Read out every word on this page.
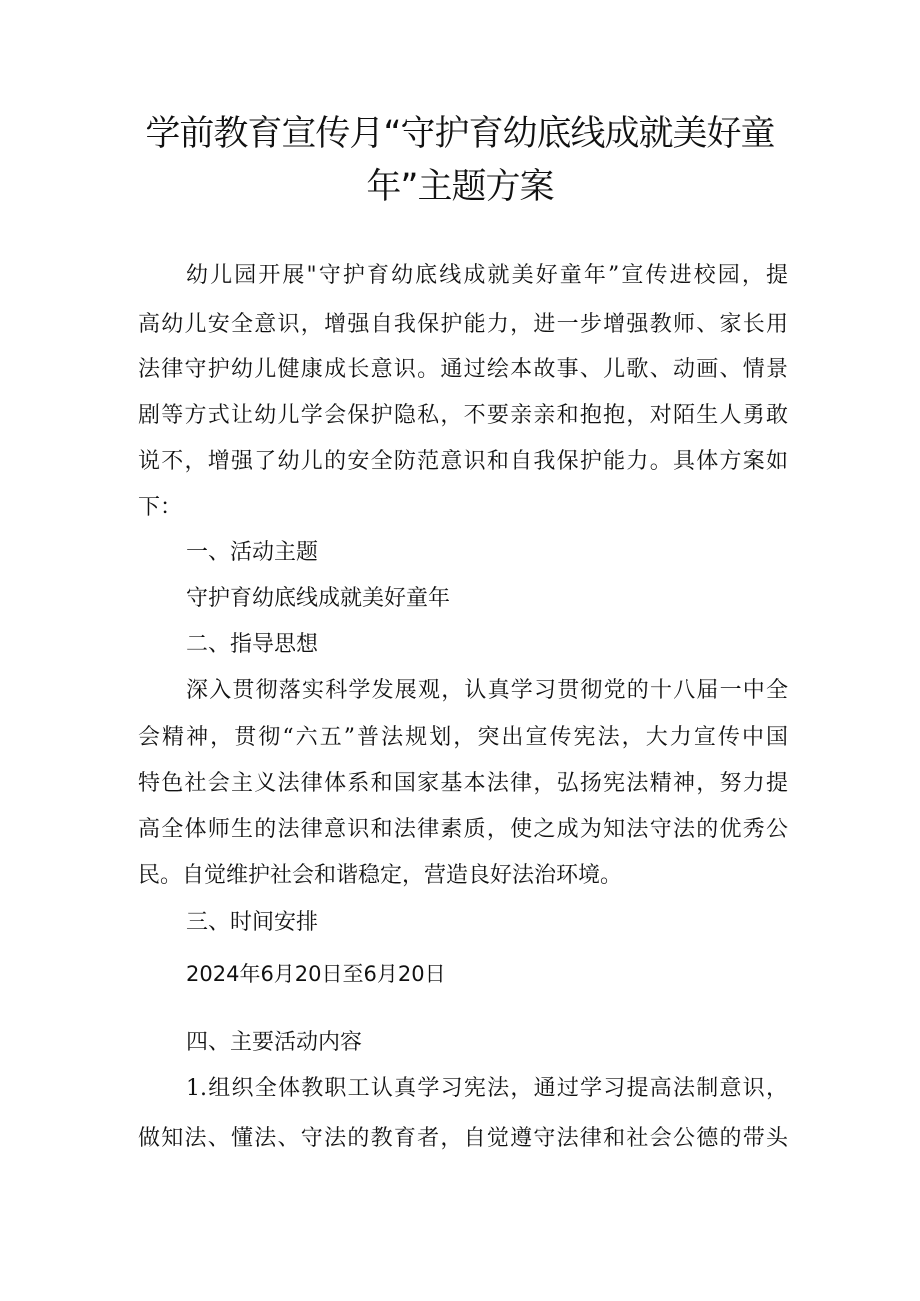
学前教育宣传月“守护育幼底线成就美好童
年”主题方案
幼儿园开展"守护育幼底线成就美好童年”宣传进校园，提
高幼儿安全意识，增强自我保护能力，进一步增强教师、家长用
法律守护幼儿健康成长意识。通过绘本故事、儿歌、动画、情景
剧等方式让幼儿学会保护隐私，不要亲亲和抱抱，对陌生人勇敢
说不，增强了幼儿的安全防范意识和自我保护能力。具体方案如
下：
一、活动主题
守护育幼底线成就美好童年
二、指导思想
深入贯彻落实科学发展观，认真学习贯彻党的十八届一中全
会精神，贯彻“六五”普法规划，突出宣传宪法，大力宣传中国
特色社会主义法律体系和国家基本法律，弘扬宪法精神，努力提
高全体师生的法律意识和法律素质，使之成为知法守法的优秀公
民。自觉维护社会和谐稳定，营造良好法治环境。
三、时间安排
2024年6月20日至6月20日
四、主要活动内容
1.组织全体教职工认真学习宪法，通过学习提高法制意识，
做知法、懂法、守法的教育者，自觉遵守法律和社会公德的带头
